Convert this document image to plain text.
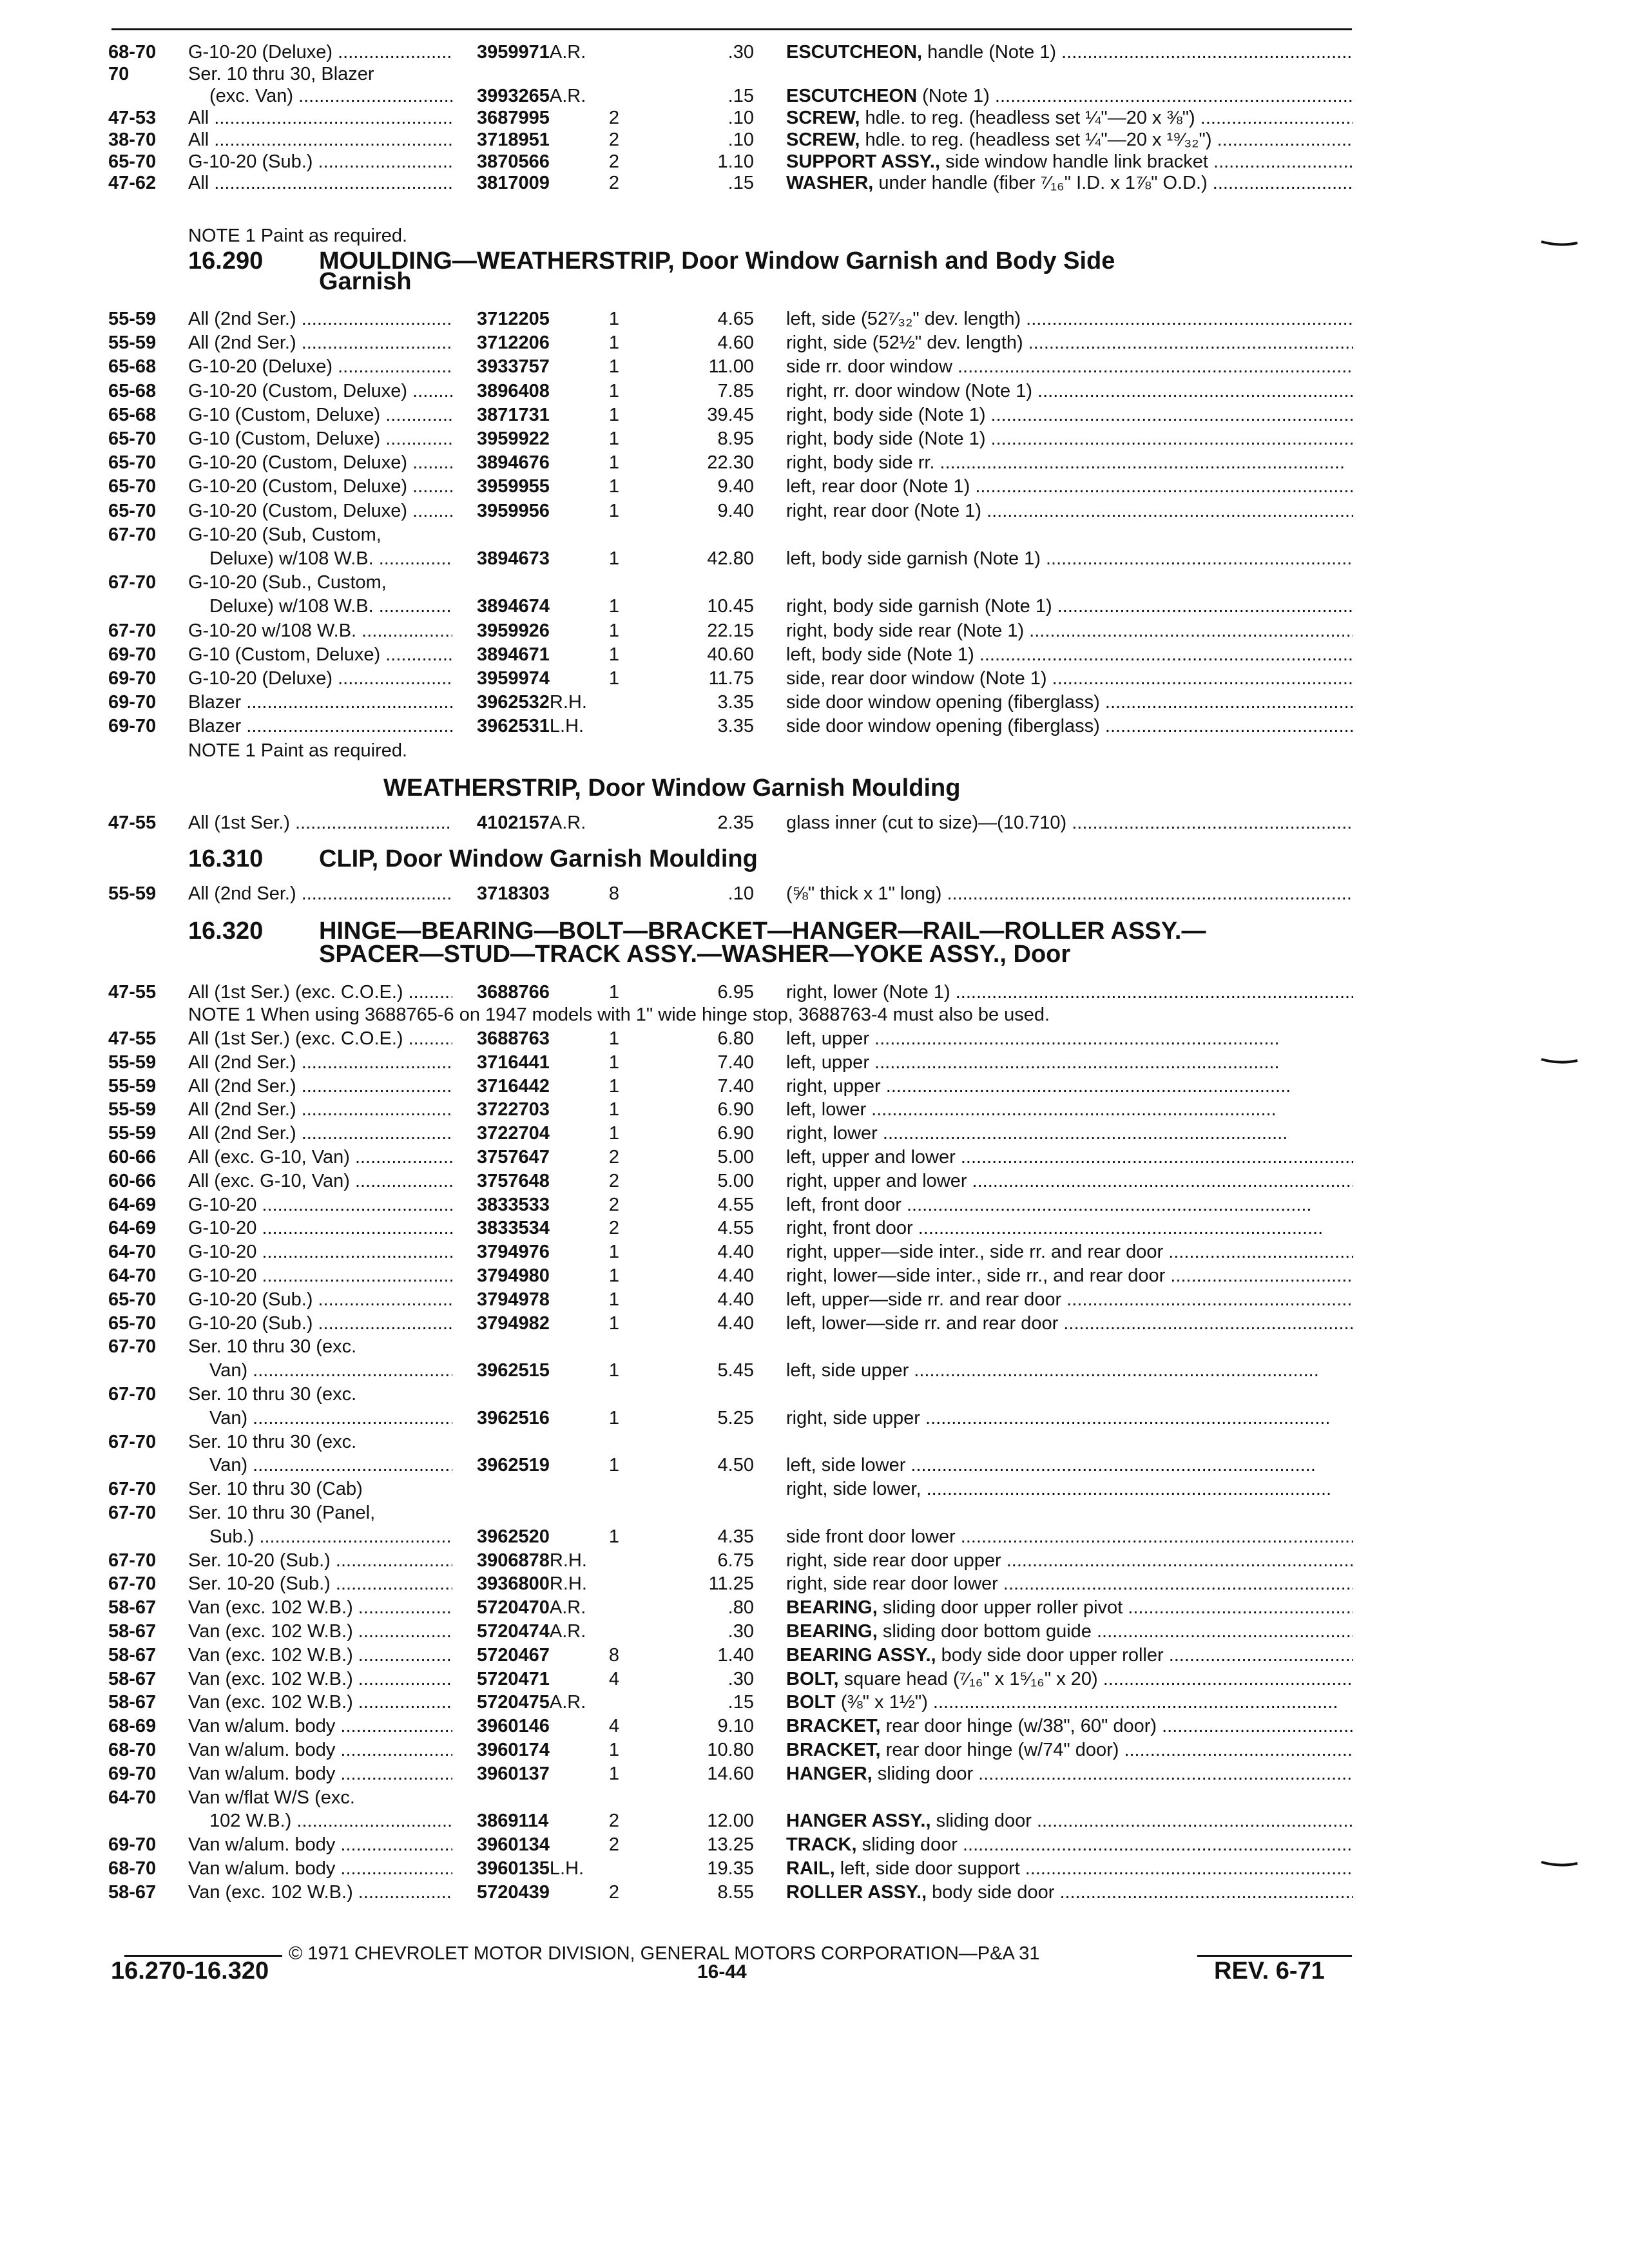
68-70 G-10-20 (Deluxe) .....	3959971A.R.	.30 ESCUTCHEON, handle (Note 1) .....
70	Ser. 10 thru 30, Blazer
(exc. Van) .....	3993265A.R.	.15 ESCUTCHEON (Note 1) .....
47-53 All .....	3687995	2	.10 SCREW, hdle. to reg. (headless set ¼"—20 x ⅜") .....
38-70 All .....	3718951	2	.10 SCREW, hdle. to reg. (headless set ¼"—20 x ¹⁹⁄₃₂") .....
65-70 G-10-20 (Sub.) .....	3870566	2	1.10 SUPPORT ASSY., side window handle link bracket .....
47-62 All .....	3817009	2	.15 WASHER, under handle (fiber ⁷⁄₁₆" I.D. x 1⅞" O.D.) .....
NOTE 1 Paint as required.
16.290 MOULDING—WEATHERSTRIP, Door Window Garnish and Body Side
Garnish
55-59 All (2nd Ser.) .....	3712205	1	4.65 left, side (52⁷⁄₃₂" dev. length) .....
55-59 All (2nd Ser.) .....	3712206	1	4.60 right, side (52½" dev. length) .....
65-68 G-10-20 (Deluxe) .....	3933757	1	11.00 side rr. door window .....
65-68 G-10-20 (Custom, Deluxe) .....	3896408	1	7.85 right, rr. door window (Note 1) .....
65-68 G-10 (Custom, Deluxe) .....	3871731	1	39.45 right, body side (Note 1) .....
65-70 G-10 (Custom, Deluxe) .....	3959922	1	8.95 right, body side (Note 1) .....
65-70 G-10-20 (Custom, Deluxe) .....	3894676	1	22.30 right, body side rr. .....
65-70 G-10-20 (Custom, Deluxe) .....	3959955	1	9.40 left, rear door (Note 1) .....
65-70 G-10-20 (Custom, Deluxe) .....	3959956	1	9.40 right, rear door (Note 1) .....
67-70 G-10-20 (Sub, Custom,
Deluxe) w/108 W.B. .....	3894673	1	42.80 left, body side garnish (Note 1) .....
67-70 G-10-20 (Sub., Custom,
Deluxe) w/108 W.B. .....	3894674	1	10.45 right, body side garnish (Note 1) .....
67-70 G-10-20 w/108 W.B. .....	3959926	1	22.15 right, body side rear (Note 1) .....
69-70 G-10 (Custom, Deluxe) .....	3894671	1	40.60 left, body side (Note 1) .....
69-70 G-10-20 (Deluxe) .....	3959974	1	11.75 side, rear door window (Note 1) .....
69-70 Blazer .....	3962532R.H.	3.35 side door window opening (fiberglass) .....
69-70 Blazer .....	3962531L.H.	3.35 side door window opening (fiberglass) .....
NOTE 1 Paint as required.
WEATHERSTRIP, Door Window Garnish Moulding
47-55 All (1st Ser.) .....	4102157A.R.	2.35 glass inner (cut to size)—(10.710) .....
16.310 CLIP, Door Window Garnish Moulding
55-59 All (2nd Ser.) .....	3718303	8	.10 (⅝" thick x 1" long) .....
16.320 HINGE—BEARING—BOLT—BRACKET—HANGER—RAIL—ROLLER ASSY.—
SPACER—STUD—TRACK ASSY.—WASHER—YOKE ASSY., Door
47-55 All (1st Ser.) (exc. C.O.E.) .....	3688766	1	6.95 right, lower (Note 1) .....
NOTE 1 When using 3688765-6 on 1947 models with 1" wide hinge stop, 3688763-4 must also be used.
47-55 All (1st Ser.) (exc. C.O.E.) .....	3688763	1	6.80 left, upper .....
55-59 All (2nd Ser.) .....	3716441	1	7.40 left, upper .....
55-59 All (2nd Ser.) .....	3716442	1	7.40 right, upper .....
55-59 All (2nd Ser.) .....	3722703	1	6.90 left, lower .....
55-59 All (2nd Ser.) .....	3722704	1	6.90 right, lower .....
60-66 All (exc. G-10, Van) .....	3757647	2	5.00 left, upper and lower .....
60-66 All (exc. G-10, Van) .....	3757648	2	5.00 right, upper and lower .....
64-69 G-10-20 .....	3833533	2	4.55 left, front door .....
64-69 G-10-20 .....	3833534	2	4.55 right, front door .....
64-70 G-10-20 .....	3794976	1	4.40 right, upper—side inter., side rr. and rear door .....
64-70 G-10-20 .....	3794980	1	4.40 right, lower—side inter., side rr., and rear door .....
65-70 G-10-20 (Sub.) .....	3794978	1	4.40 left, upper—side rr. and rear door .....
65-70 G-10-20 (Sub.) .....	3794982	1	4.40 left, lower—side rr. and rear door .....
67-70 Ser. 10 thru 30 (exc.
Van) .....	3962515	1	5.45 left, side upper .....
67-70 Ser. 10 thru 30 (exc.
Van) .....	3962516	1	5.25 right, side upper .....
67-70 Ser. 10 thru 30 (exc.
Van) .....	3962519	1	4.50 left, side lower .....
67-70 Ser. 10 thru 30 (Cab)	right, side lower, .....
67-70 Ser. 10 thru 30 (Panel,
Sub.) .....	3962520	1	4.35 side front door lower .....
67-70 Ser. 10-20 (Sub.) .....	3906878R.H.	6.75 right, side rear door upper .....
67-70 Ser. 10-20 (Sub.) .....	3936800R.H.	11.25 right, side rear door lower .....
58-67 Van (exc. 102 W.B.) .....	5720470A.R.	.80 BEARING, sliding door upper roller pivot .....
58-67 Van (exc. 102 W.B.) .....	5720474A.R.	.30 BEARING, sliding door bottom guide .....
58-67 Van (exc. 102 W.B.) .....	5720467	8	1.40 BEARING ASSY., body side door upper roller .....
58-67 Van (exc. 102 W.B.) .....	5720471	4	.30 BOLT, square head (⁷⁄₁₆" x 1⁵⁄₁₆" x 20) .....
58-67 Van (exc. 102 W.B.) .....	5720475A.R.	.15 BOLT (⅜" x 1½") .....
68-69 Van w/alum. body .....	3960146	4	9.10 BRACKET, rear door hinge (w/38", 60" door) .....
68-70 Van w/alum. body .....	3960174	1	10.80 BRACKET, rear door hinge (w/74" door) .....
69-70 Van w/alum. body .....	3960137	1	14.60 HANGER, sliding door .....
64-70 Van w/flat W/S (exc.
102 W.B.) .....	3869114	2	12.00 HANGER ASSY., sliding door .....
69-70 Van w/alum. body .....	3960134	2	13.25 TRACK, sliding door .....
68-70 Van w/alum. body .....	3960135L.H.	19.35 RAIL, left, side door support .....
58-67 Van (exc. 102 W.B.) .....	5720439	2	8.55 ROLLER ASSY., body side door .....
© 1971 CHEVROLET MOTOR DIVISION, GENERAL MOTORS CORPORATION—P&A 31
16.270-16.320	16-44	REV. 6-71
